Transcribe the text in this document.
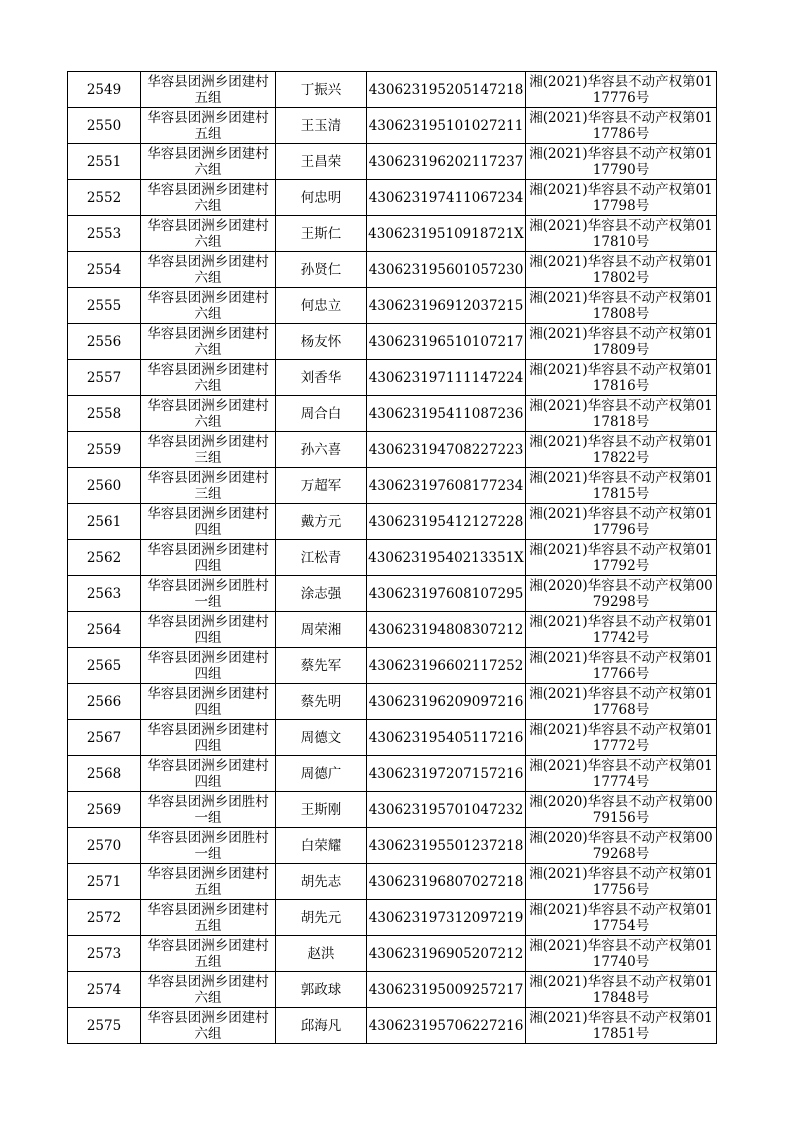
2549	华容县团洲乡团建村五组	丁振兴	430623195205147218	湘(2021)华容县不动产权第0117776号

2550	华容县团洲乡团建村五组	王玉清	430623195101027211	湘(2021)华容县不动产权第0117786号

2551	华容县团洲乡团建村六组	王昌荣	430623196202117237	湘(2021)华容县不动产权第0117790号

2552	华容县团洲乡团建村六组	何忠明	430623197411067234	湘(2021)华容县不动产权第0117798号

2553	华容县团洲乡团建村六组	王斯仁	43062319510918721X	湘(2021)华容县不动产权第0117810号

2554	华容县团洲乡团建村六组	孙贤仁	430623195601057230	湘(2021)华容县不动产权第0117802号

2555	华容县团洲乡团建村六组	何忠立	430623196912037215	湘(2021)华容县不动产权第0117808号

2556	华容县团洲乡团建村六组	杨友怀	430623196510107217	湘(2021)华容县不动产权第0117809号

2557	华容县团洲乡团建村六组	刘香华	430623197111147224	湘(2021)华容县不动产权第0117816号

2558	华容县团洲乡团建村六组	周合白	430623195411087236	湘(2021)华容县不动产权第0117818号

2559	华容县团洲乡团建村三组	孙六喜	430623194708227223	湘(2021)华容县不动产权第0117822号

2560	华容县团洲乡团建村三组	万超军	430623197608177234	湘(2021)华容县不动产权第0117815号

2561	华容县团洲乡团建村四组	戴方元	430623195412127228	湘(2021)华容县不动产权第0117796号

2562	华容县团洲乡团建村四组	江松青	43062319540213351X	湘(2021)华容县不动产权第0117792号

2563	华容县团洲乡团胜村一组	涂志强	430623197608107295	湘(2020)华容县不动产权第0079298号

2564	华容县团洲乡团建村四组	周荣湘	430623194808307212	湘(2021)华容县不动产权第0117742号

2565	华容县团洲乡团建村四组	蔡先军	430623196602117252	湘(2021)华容县不动产权第0117766号

2566	华容县团洲乡团建村四组	蔡先明	430623196209097216	湘(2021)华容县不动产权第0117768号

2567	华容县团洲乡团建村四组	周德文	430623195405117216	湘(2021)华容县不动产权第0117772号

2568	华容县团洲乡团建村四组	周德广	430623197207157216	湘(2021)华容县不动产权第0117774号

2569	华容县团洲乡团胜村一组	王斯刚	430623195701047232	湘(2020)华容县不动产权第0079156号

2570	华容县团洲乡团胜村一组	白荣耀	430623195501237218	湘(2020)华容县不动产权第0079268号

2571	华容县团洲乡团建村五组	胡先志	430623196807027218	湘(2021)华容县不动产权第0117756号

2572	华容县团洲乡团建村五组	胡先元	430623197312097219	湘(2021)华容县不动产权第0117754号

2573	华容县团洲乡团建村五组	赵洪	430623196905207212	湘(2021)华容县不动产权第0117740号

2574	华容县团洲乡团建村六组	郭政球	430623195009257217	湘(2021)华容县不动产权第0117848号

2575	华容县团洲乡团建村六组	邱海凡	430623195706227216	湘(2021)华容县不动产权第0117851号
